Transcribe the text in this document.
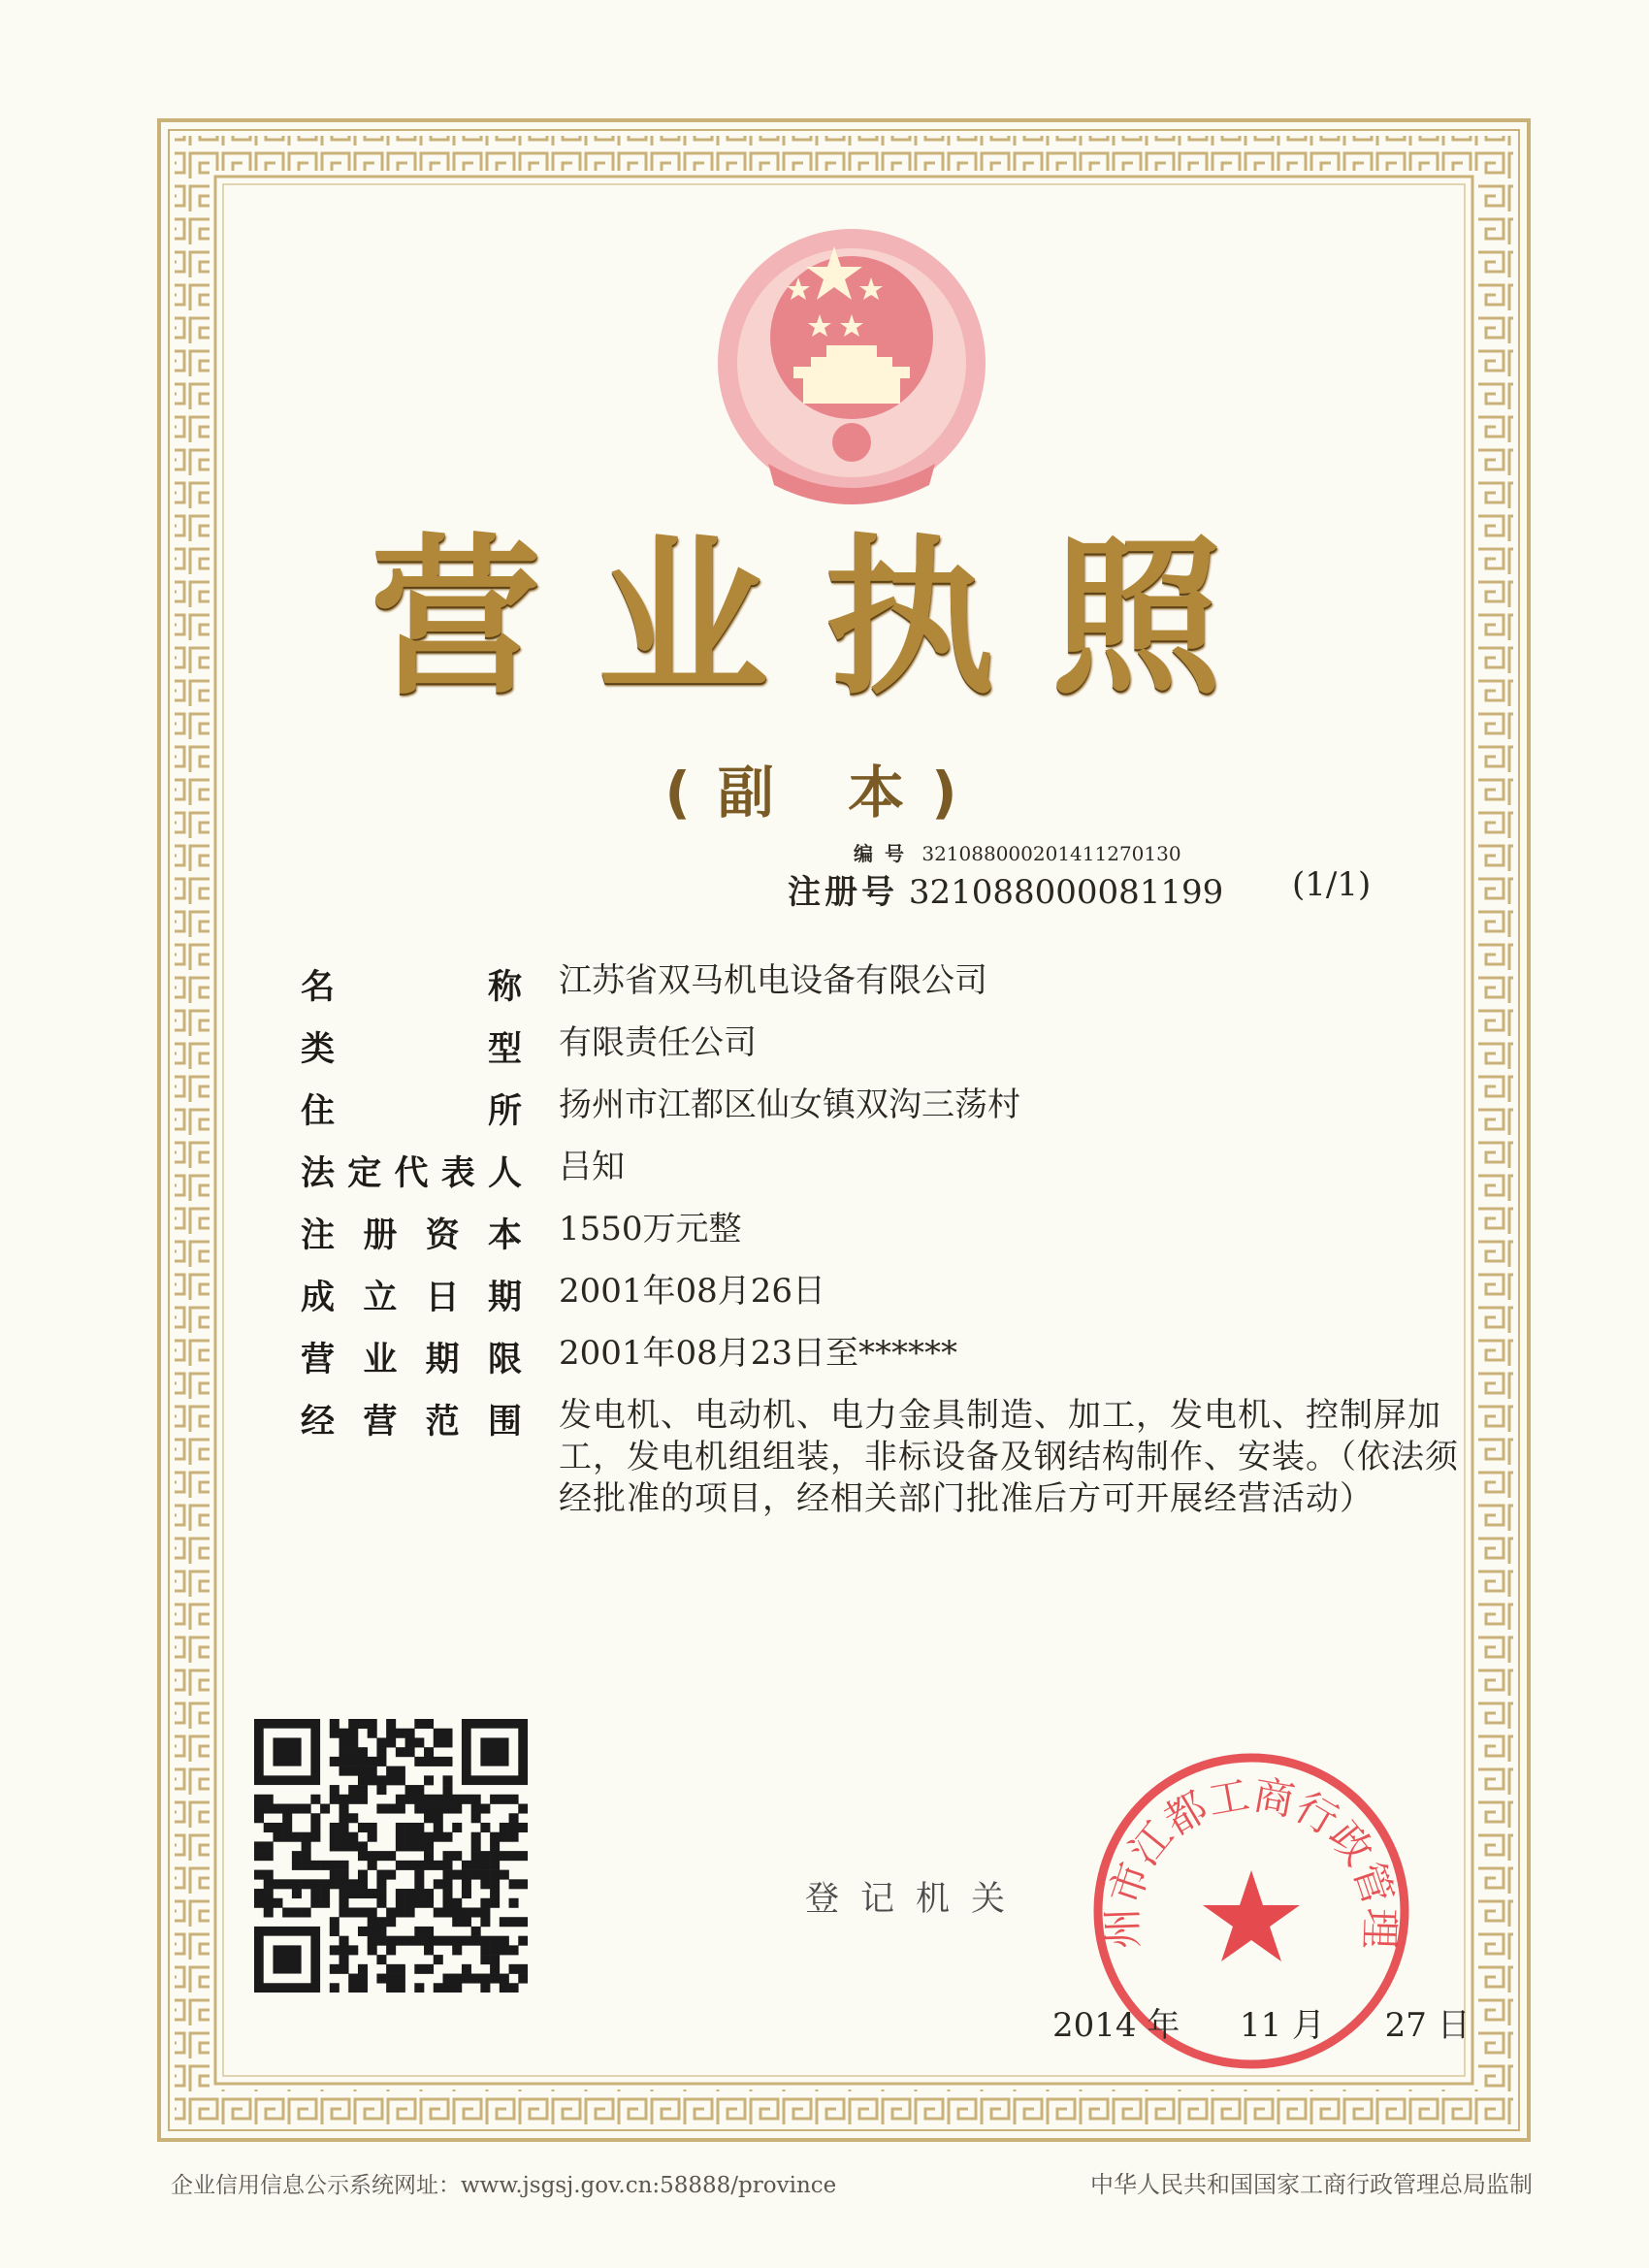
营业执照
(副 本)
编号 32108800020141127013​0
注册号 321088000081199 (1/1)
名称 江苏省双马机电设备有限公司
类型 有限责任公司
住所 扬州市江都区仙女镇双沟三荡村
法定代表人 吕知
注册资本 1550万元整
成立日期 2001年08月26日
营业期限 2001年08月23日至******
经营范围 发电机、电动机、电力金具制造、加工，发电机、控制屏加工，发电机组组装，非标设备及钢结构制作、安装。（依法须经批准的项目，经相关部门批准后方可开展经营活动）
登记机关
州市江都工商行政管理
2014 年 11 月 27 日
企业信用信息公示系统网址：www.jsgsj.gov.cn:58888/province	中华人民共和国国家工商行政管理总局监制
